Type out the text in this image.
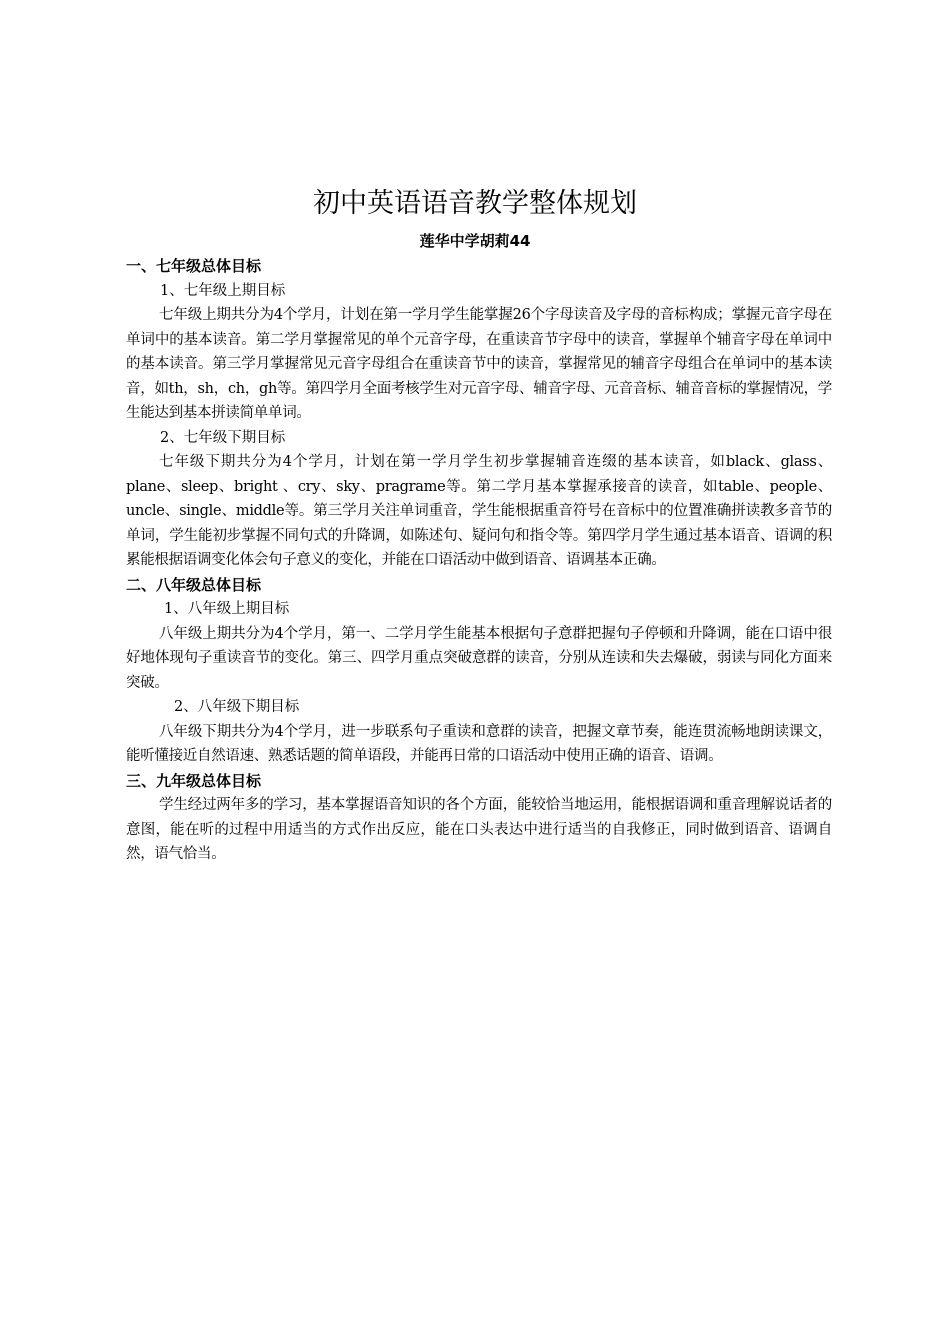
初中英语语音教学整体规划
莲华中学胡莉44
一、七年级总体目标
1、七年级上期目标
七年级上期共分为4个学月，计划在第一学月学生能掌握26个字母读音及字母的音标构成；掌握元音字母在单词中的基本读音。第二学月掌握常见的单个元音字母，在重读音节字母中的读音，掌握单个辅音字母在单词中的基本读音。第三学月掌握常见元音字母组合在重读音节中的读音，掌握常见的辅音字母组合在单词中的基本读音，如th，sh，ch，gh等。第四学月全面考核学生对元音字母、辅音字母、元音音标、辅音音标的掌握情况，学生能达到基本拼读简单单词。
2、七年级下期目标
七年级下期共分为4个学月，计划在第一学月学生初步掌握辅音连缀的基本读音，如black、glass、plane、sleep、bright 、cry、sky、pragrame等。第二学月基本掌握承接音的读音，如table、people、uncle、single、middle等。第三学月关注单词重音，学生能根据重音符号在音标中的位置准确拼读教多音节的单词，学生能初步掌握不同句式的升降调，如陈述句、疑问句和指令等。第四学月学生通过基本语音、语调的积累能根据语调变化体会句子意义的变化，并能在口语活动中做到语音、语调基本正确。
二、八年级总体目标
1、八年级上期目标
八年级上期共分为4个学月，第一、二学月学生能基本根据句子意群把握句子停顿和升降调，能在口语中很好地体现句子重读音节的变化。第三、四学月重点突破意群的读音，分别从连读和失去爆破，弱读与同化方面来突破。
2、八年级下期目标
八年级下期共分为4个学月，进一步联系句子重读和意群的读音，把握文章节奏，能连贯流畅地朗读课文，能听懂接近自然语速、熟悉话题的简单语段，并能再日常的口语活动中使用正确的语音、语调。
三、九年级总体目标
学生经过两年多的学习，基本掌握语音知识的各个方面，能较恰当地运用，能根据语调和重音理解说话者的意图，能在听的过程中用适当的方式作出反应，能在口头表达中进行适当的自我修正，同时做到语音、语调自然，语气恰当。
